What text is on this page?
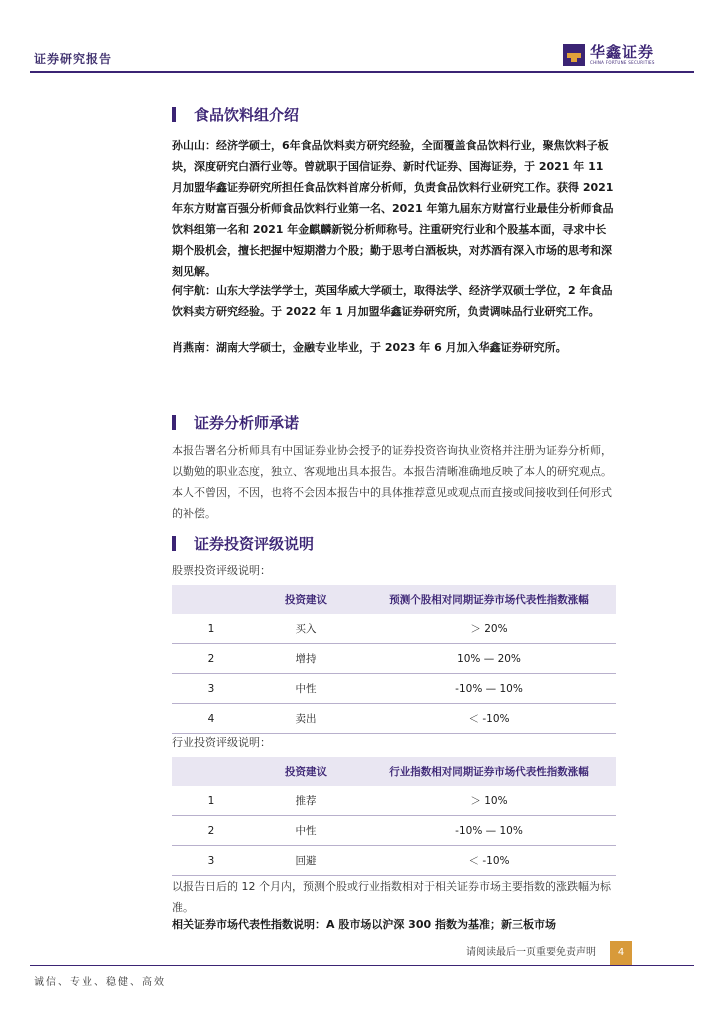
证券研究报告	华鑫证券
CHINA FORTUNE SECURITIES
食品饮料组介绍
孙山山：经济学硕士，6年食品饮料卖方研究经验，全面覆盖食品饮料行业，聚焦饮料子板块，深度研究白酒行业等。曾就职于国信证券、新时代证券、国海证券，于 2021 年 11 月加盟华鑫证券研究所担任食品饮料首席分析师，负责食品饮料行业研究工作。获得 2021 年东方财富百强分析师食品饮料行业第一名、2021 年第九届东方财富行业最佳分析师食品饮料组第一名和 2021 年金麒麟新锐分析师称号。注重研究行业和个股基本面，寻求中长期个股机会，擅长把握中短期潜力个股；勤于思考白酒板块，对苏酒有深入市场的思考和深刻见解。
何宇航：山东大学法学学士，英国华威大学硕士，取得法学、经济学双硕士学位，2 年食品饮料卖方研究经验。于 2022 年 1 月加盟华鑫证券研究所，负责调味品行业研究工作。
肖燕南：湖南大学硕士，金融专业毕业，于 2023 年 6 月加入华鑫证券研究所。
证券分析师承诺
本报告署名分析师具有中国证券业协会授予的证券投资咨询执业资格并注册为证券分析师，以勤勉的职业态度，独立、客观地出具本报告。本报告清晰准确地反映了本人的研究观点。本人不曾因，不因，也将不会因本报告中的具体推荐意见或观点而直接或间接收到任何形式的补偿。
证券投资评级说明
股票投资评级说明：
	投资建议	预测个股相对同期证券市场代表性指数涨幅
1	买入	＞ 20%
2	增持	10% — 20%
3	中性	-10% — 10%
4	卖出	＜ -10%
行业投资评级说明：
	投资建议	行业指数相对同期证券市场代表性指数涨幅
1	推荐	＞ 10%
2	中性	-10% — 10%
3	回避	＜ -10%
以报告日后的 12 个月内，预测个股或行业指数相对于相关证券市场主要指数的涨跌幅为标准。
相关证券市场代表性指数说明：A 股市场以沪深 300 指数为基准；新三板市场
请阅读最后一页重要免责声明	4
诚信、专业、稳健、高效
